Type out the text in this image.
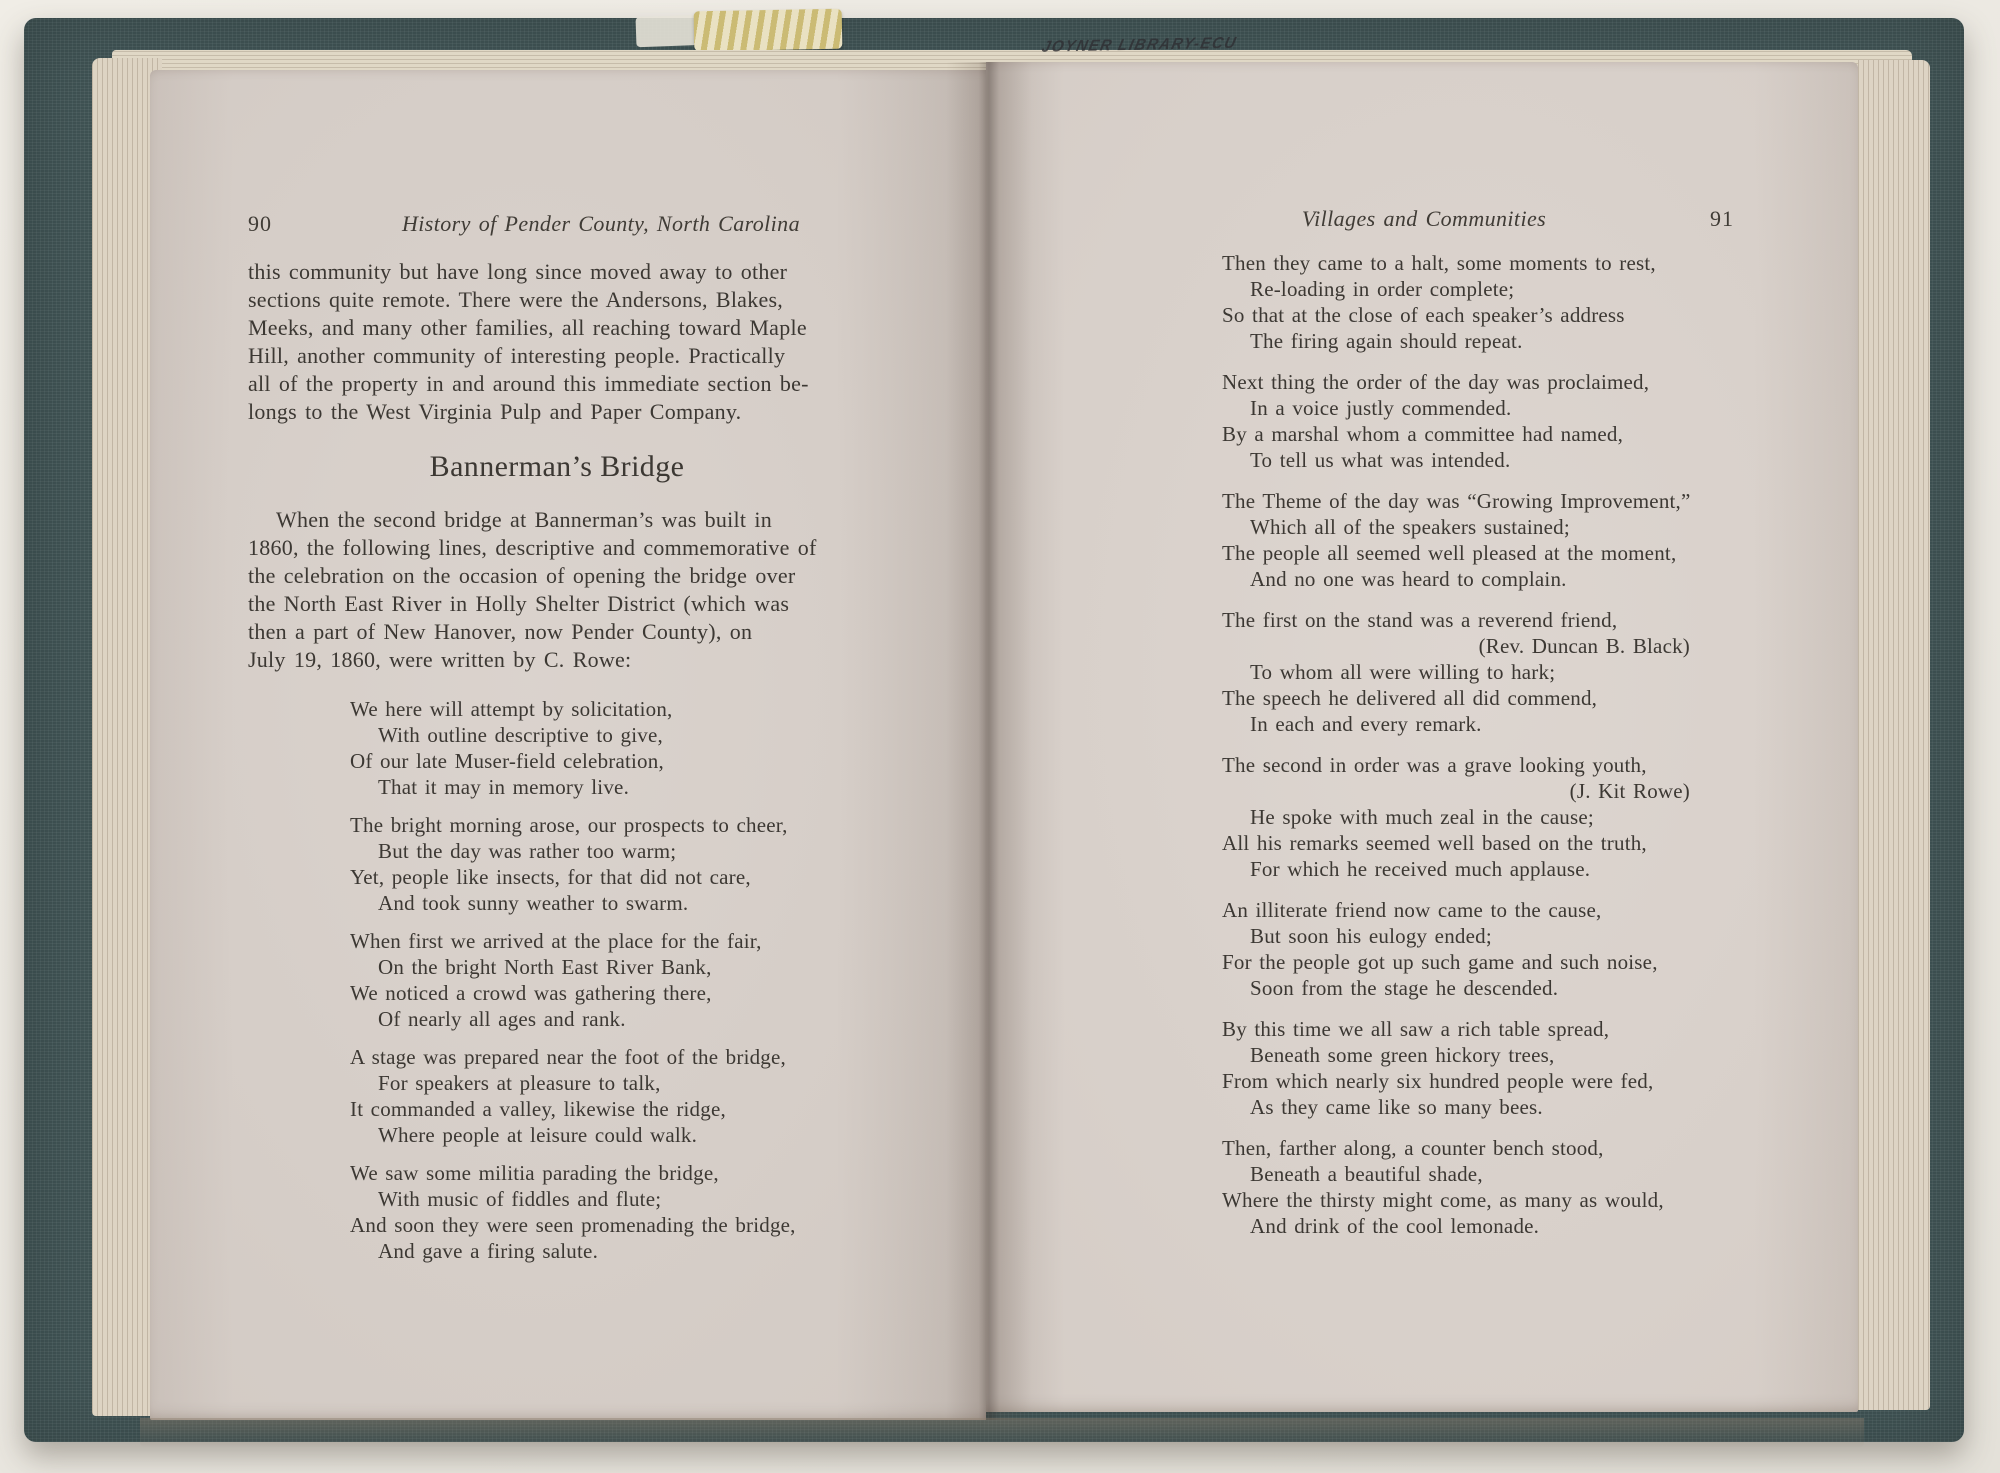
JOYNER LIBRARY-ECU
90	History of Pender County, North Carolina
this community but have long since moved away to other
sections quite remote. There were the Andersons, Blakes,
Meeks, and many other families, all reaching toward Maple
Hill, another community of interesting people. Practically
all of the property in and around this immediate section be-
longs to the West Virginia Pulp and Paper Company.
Bannerman’s Bridge
When the second bridge at Bannerman’s was built in
1860, the following lines, descriptive and commemorative of
the celebration on the occasion of opening the bridge over
the North East River in Holly Shelter District (which was
then a part of New Hanover, now Pender County), on
July 19, 1860, were written by C. Rowe:
We here will attempt by solicitation,
With outline descriptive to give,
Of our late Muser-field celebration,
That it may in memory live.
The bright morning arose, our prospects to cheer,
But the day was rather too warm;
Yet, people like insects, for that did not care,
And took sunny weather to swarm.
When first we arrived at the place for the fair,
On the bright North East River Bank,
We noticed a crowd was gathering there,
Of nearly all ages and rank.
A stage was prepared near the foot of the bridge,
For speakers at pleasure to talk,
It commanded a valley, likewise the ridge,
Where people at leisure could walk.
We saw some militia parading the bridge,
With music of fiddles and flute;
And soon they were seen promenading the bridge,
And gave a firing salute.
Villages and Communities	91
Then they came to a halt, some moments to rest,
Re-loading in order complete;
So that at the close of each speaker’s address
The firing again should repeat.
Next thing the order of the day was proclaimed,
In a voice justly commended.
By a marshal whom a committee had named,
To tell us what was intended.
The Theme of the day was “Growing Improvement,”
Which all of the speakers sustained;
The people all seemed well pleased at the moment,
And no one was heard to complain.
The first on the stand was a reverend friend,
(Rev. Duncan B. Black)
To whom all were willing to hark;
The speech he delivered all did commend,
In each and every remark.
The second in order was a grave looking youth,
(J. Kit Rowe)
He spoke with much zeal in the cause;
All his remarks seemed well based on the truth,
For which he received much applause.
An illiterate friend now came to the cause,
But soon his eulogy ended;
For the people got up such game and such noise,
Soon from the stage he descended.
By this time we all saw a rich table spread,
Beneath some green hickory trees,
From which nearly six hundred people were fed,
As they came like so many bees.
Then, farther along, a counter bench stood,
Beneath a beautiful shade,
Where the thirsty might come, as many as would,
And drink of the cool lemonade.
